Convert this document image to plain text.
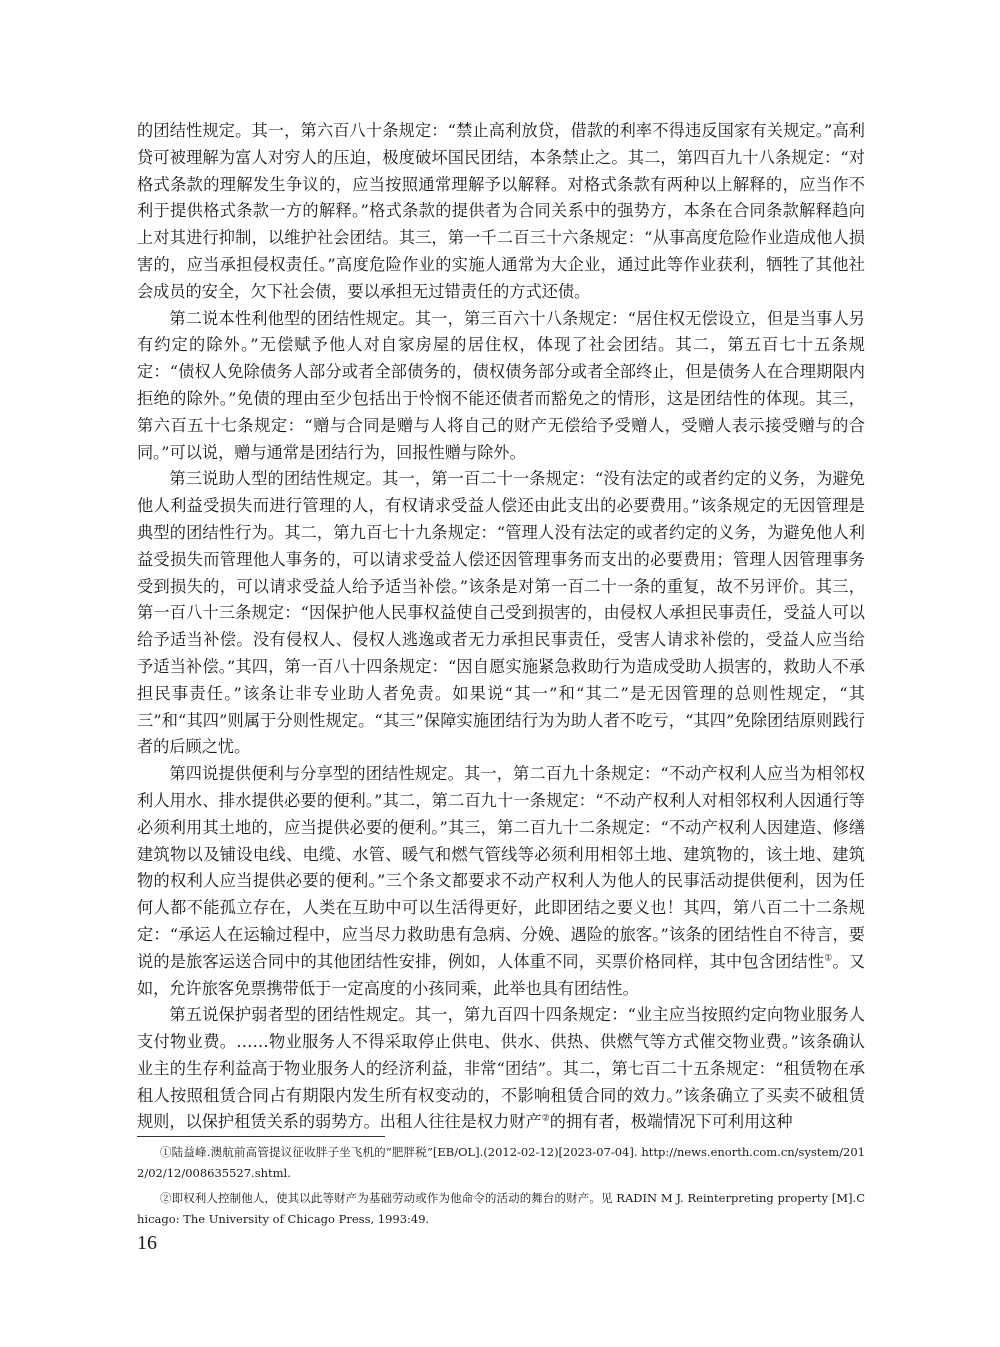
的团结性规定。其一，第六百八十条规定：“禁止高利放贷，借款的利率不得违反国家有关规定。”高利贷可被理解为富人对穷人的压迫，极度破坏国民团结，本条禁止之。其二，第四百九十八条规定：“对格式条款的理解发生争议的，应当按照通常理解予以解释。对格式条款有两种以上解释的，应当作不利于提供格式条款一方的解释。”格式条款的提供者为合同关系中的强势方，本条在合同条款解释趋向上对其进行抑制，以维护社会团结。其三，第一千二百三十六条规定：“从事高度危险作业造成他人损害的，应当承担侵权责任。”高度危险作业的实施人通常为大企业，通过此等作业获利，牺牲了其他社会成员的安全，欠下社会债，要以承担无过错责任的方式还债。

第二说本性利他型的团结性规定。其一，第三百六十八条规定：“居住权无偿设立，但是当事人另有约定的除外。”无偿赋予他人对自家房屋的居住权，体现了社会团结。其二，第五百七十五条规定：“债权人免除债务人部分或者全部债务的，债权债务部分或者全部终止，但是债务人在合理期限内拒绝的除外。”免债的理由至少包括出于怜悯不能还债者而豁免之的情形，这是团结性的体现。其三，第六百五十七条规定：“赠与合同是赠与人将自己的财产无偿给予受赠人，受赠人表示接受赠与的合同。”可以说，赠与通常是团结行为，回报性赠与除外。

第三说助人型的团结性规定。其一，第一百二十一条规定：“没有法定的或者约定的义务，为避免他人利益受损失而进行管理的人，有权请求受益人偿还由此支出的必要费用。”该条规定的无因管理是典型的团结性行为。其二，第九百七十九条规定：“管理人没有法定的或者约定的义务，为避免他人利益受损失而管理他人事务的，可以请求受益人偿还因管理事务而支出的必要费用；管理人因管理事务受到损失的，可以请求受益人给予适当补偿。”该条是对第一百二十一条的重复，故不另评价。其三，第一百八十三条规定：“因保护他人民事权益使自己受到损害的，由侵权人承担民事责任，受益人可以给予适当补偿。没有侵权人、侵权人逃逸或者无力承担民事责任，受害人请求补偿的，受益人应当给予适当补偿。”其四，第一百八十四条规定：“因自愿实施紧急救助行为造成受助人损害的，救助人不承担民事责任。”该条让非专业助人者免责。如果说“其一”和“其二”是无因管理的总则性规定，“其三”和“其四”则属于分则性规定。“其三”保障实施团结行为为助人者不吃亏，“其四”免除团结原则践行者的后顾之忧。

第四说提供便利与分享型的团结性规定。其一，第二百九十条规定：“不动产权利人应当为相邻权利人用水、排水提供必要的便利。”其二，第二百九十一条规定：“不动产权利人对相邻权利人因通行等必须利用其土地的，应当提供必要的便利。”其三，第二百九十二条规定：“不动产权利人因建造、修缮建筑物以及铺设电线、电缆、水管、暖气和燃气管线等必须利用相邻土地、建筑物的，该土地、建筑物的权利人应当提供必要的便利。”三个条文都要求不动产权利人为他人的民事活动提供便利，因为任何人都不能孤立存在，人类在互助中可以生活得更好，此即团结之要义也！其四，第八百二十二条规定：“承运人在运输过程中，应当尽力救助患有急病、分娩、遇险的旅客。”该条的团结性自不待言，要说的是旅客运送合同中的其他团结性安排，例如，人体重不同，买票价格同样，其中包含团结性①。又如，允许旅客免票携带低于一定高度的小孩同乘，此举也具有团结性。

第五说保护弱者型的团结性规定。其一，第九百四十四条规定：“业主应当按照约定向物业服务人支付物业费。……物业服务人不得采取停止供电、供水、供热、供燃气等方式催交物业费。”该条确认业主的生存利益高于物业服务人的经济利益，非常“团结”。其二，第七百二十五条规定：“租赁物在承租人按照租赁合同占有期限内发生所有权变动的，不影响租赁合同的效力。”该条确立了买卖不破租赁规则，以保护租赁关系的弱势方。出租人往往是权力财产②的拥有者，极端情况下可利用这种

①陆益峰.澳航前高管提议征收胖子坐飞机的“肥胖税”[EB/OL].(2012-02-12)[2023-07-04]. http://news.enorth.com.cn/system/2012/02/12/008635527.shtml.

②即权利人控制他人，使其以此等财产为基础劳动或作为他命令的活动的舞台的财产。见 RADIN M J. Reinterpreting property [M].Chicago: The University of Chicago Press, 1993:49.

16
